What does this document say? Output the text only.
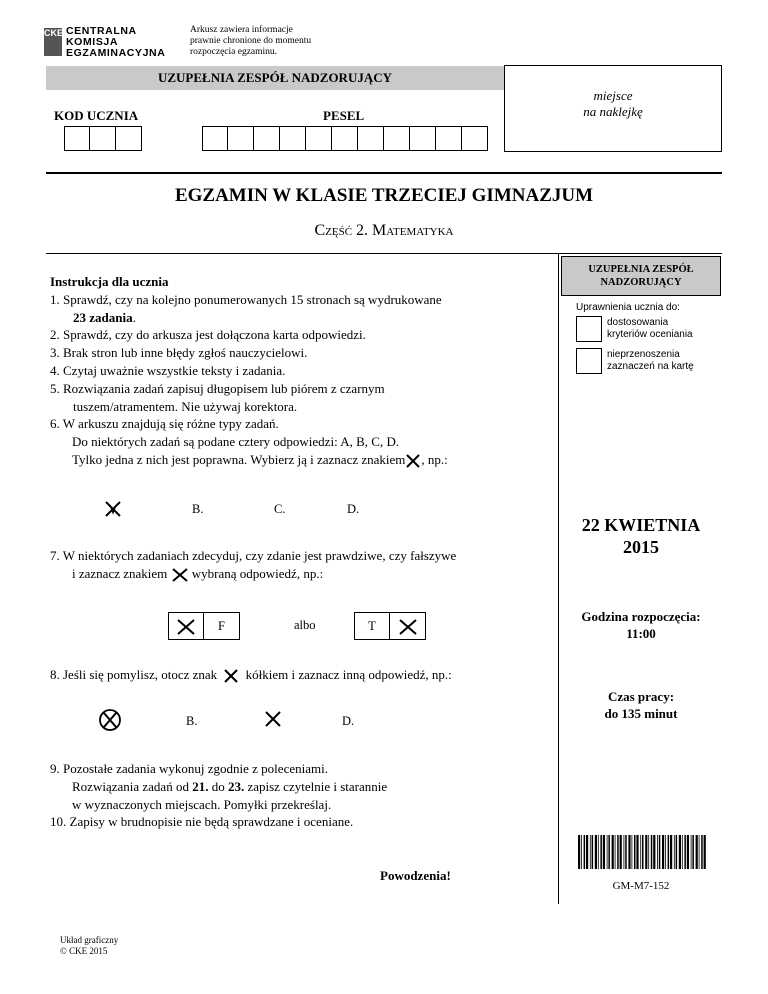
CKE CENTRALNA
KOMISJA
EGZAMINACYJNA
Arkusz zawiera informacje
prawnie chronione do momentu
rozpoczęcia egzaminu.
UZUPEŁNIA ZESPÓŁ NADZORUJĄCY
miejsce
na naklejkę
KOD UCZNIA	PESEL
EGZAMIN W KLASIE TRZECIEJ GIMNAZJUM
Część 2. Matematyka
UZUPEŁNIA ZESPÓŁ
NADZORUJĄCY
Uprawnienia ucznia do:
dostosowania
kryteriów oceniania
nieprzenoszenia
zaznaczeń na kartę
22 KWIETNIA
2015
Godzina rozpoczęcia:
11:00
Czas pracy:
do 135 minut
GM-M7-152

Instrukcja dla ucznia

1. Sprawdź, czy na kolejno ponumerowanych 15 stronach są wydrukowane

23 zadania.

2. Sprawdź, czy do arkusza jest dołączona karta odpowiedzi.

3. Brak stron lub inne błędy zgłoś nauczycielowi.

4. Czytaj uważnie wszystkie teksty i zadania.

5. Rozwiązania zadań zapisuj długopisem lub piórem z czarnym

tuszem/atramentem. Nie używaj korektora.

6. W arkuszu znajdują się różne typy zadań.

Do niektórych zadań są podane cztery odpowiedzi: A, B, C, D.

Tylko jedna z nich jest poprawna. Wybierz ją i zaznacz znakiem , np.:

B.	C.	D.

7. W niektórych zadaniach zdecyduj, czy zdanie jest prawdziwe, czy fałszywe

i zaznacz znakiem wybraną odpowiedź, np.:

F	albo	T

8. Jeśli się pomylisz, otocz znak kółkiem i zaznacz inną odpowiedź, np.:

B.	D.

9. Pozostałe zadania wykonuj zgodnie z poleceniami.

Rozwiązania zadań od 21. do 23. zapisz czytelnie i starannie

w wyznaczonych miejscach. Pomyłki przekreślaj.

10. Zapisy w brudnopisie nie będą sprawdzane i oceniane.

Powodzenia!
Układ graficzny
© CKE 2015
